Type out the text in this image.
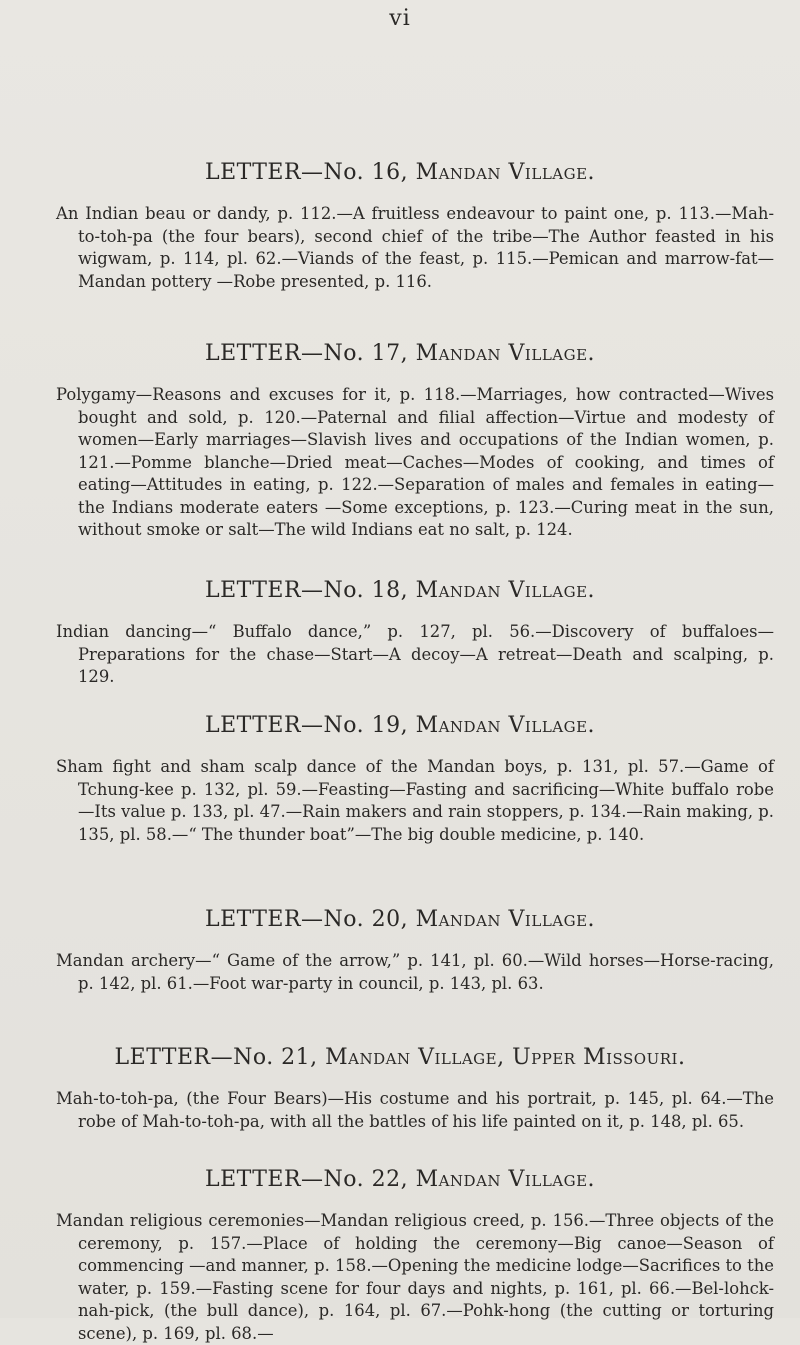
vi
LETTER—No. 16, Mandan Village.

An Indian beau or dandy, p. 112.—A fruitless endeavour to paint one, p. 113.—Mah-to-toh-pa (the four bears), second chief of the tribe—The Author feasted in his wigwam, p. 114, pl. 62.—Viands of the feast, p. 115.—Pemican and marrow-fat—Mandan pottery —Robe presented, p. 116.

LETTER—No. 17, Mandan Village.

Polygamy—Reasons and excuses for it, p. 118.—Marriages, how contracted—Wives bought and sold, p. 120.—Paternal and filial affection—Virtue and modesty of women—Early marriages—Slavish lives and occupations of the Indian women, p. 121.—Pomme blanche—Dried meat—Caches—Modes of cooking, and times of eating—Attitudes in eating, p. 122.—Separation of males and females in eating—the Indians moderate eaters —Some exceptions, p. 123.—Curing meat in the sun, without smoke or salt—The wild Indians eat no salt, p. 124.

LETTER—No. 18, Mandan Village.

Indian dancing—“ Buffalo dance,” p. 127, pl. 56.—Discovery of buffaloes—Preparations for the chase—Start—A decoy—A retreat—Death and scalping, p. 129.

LETTER—No. 19, Mandan Village.

Sham fight and sham scalp dance of the Mandan boys, p. 131, pl. 57.—Game of Tchung-kee p. 132, pl. 59.—Feasting—Fasting and sacrificing—White buffalo robe—Its value p. 133, pl. 47.—Rain makers and rain stoppers, p. 134.—Rain making, p. 135, pl. 58.—“ The thunder boat”—The big double medicine, p. 140.

LETTER—No. 20, Mandan Village.

Mandan archery—“ Game of the arrow,” p. 141, pl. 60.—Wild horses—Horse-racing, p. 142, pl. 61.—Foot war-party in council, p. 143, pl. 63.

LETTER—No. 21, Mandan Village, Upper Missouri.

Mah-to-toh-pa, (the Four Bears)—His costume and his portrait, p. 145, pl. 64.—The robe of Mah-to-toh-pa, with all the battles of his life painted on it, p. 148, pl. 65.

LETTER—No. 22, Mandan Village.

Mandan religious ceremonies—Mandan religious creed, p. 156.—Three objects of the ceremony, p. 157.—Place of holding the ceremony—Big canoe—Season of commencing —and manner, p. 158.—Opening the medicine lodge—Sacrifices to the water, p. 159.—Fasting scene for four days and nights, p. 161, pl. 66.—Bel-lohck-nah-pick, (the bull dance), p. 164, pl. 67.—Pohk-hong (the cutting or torturing scene), p. 169, pl. 68.—
